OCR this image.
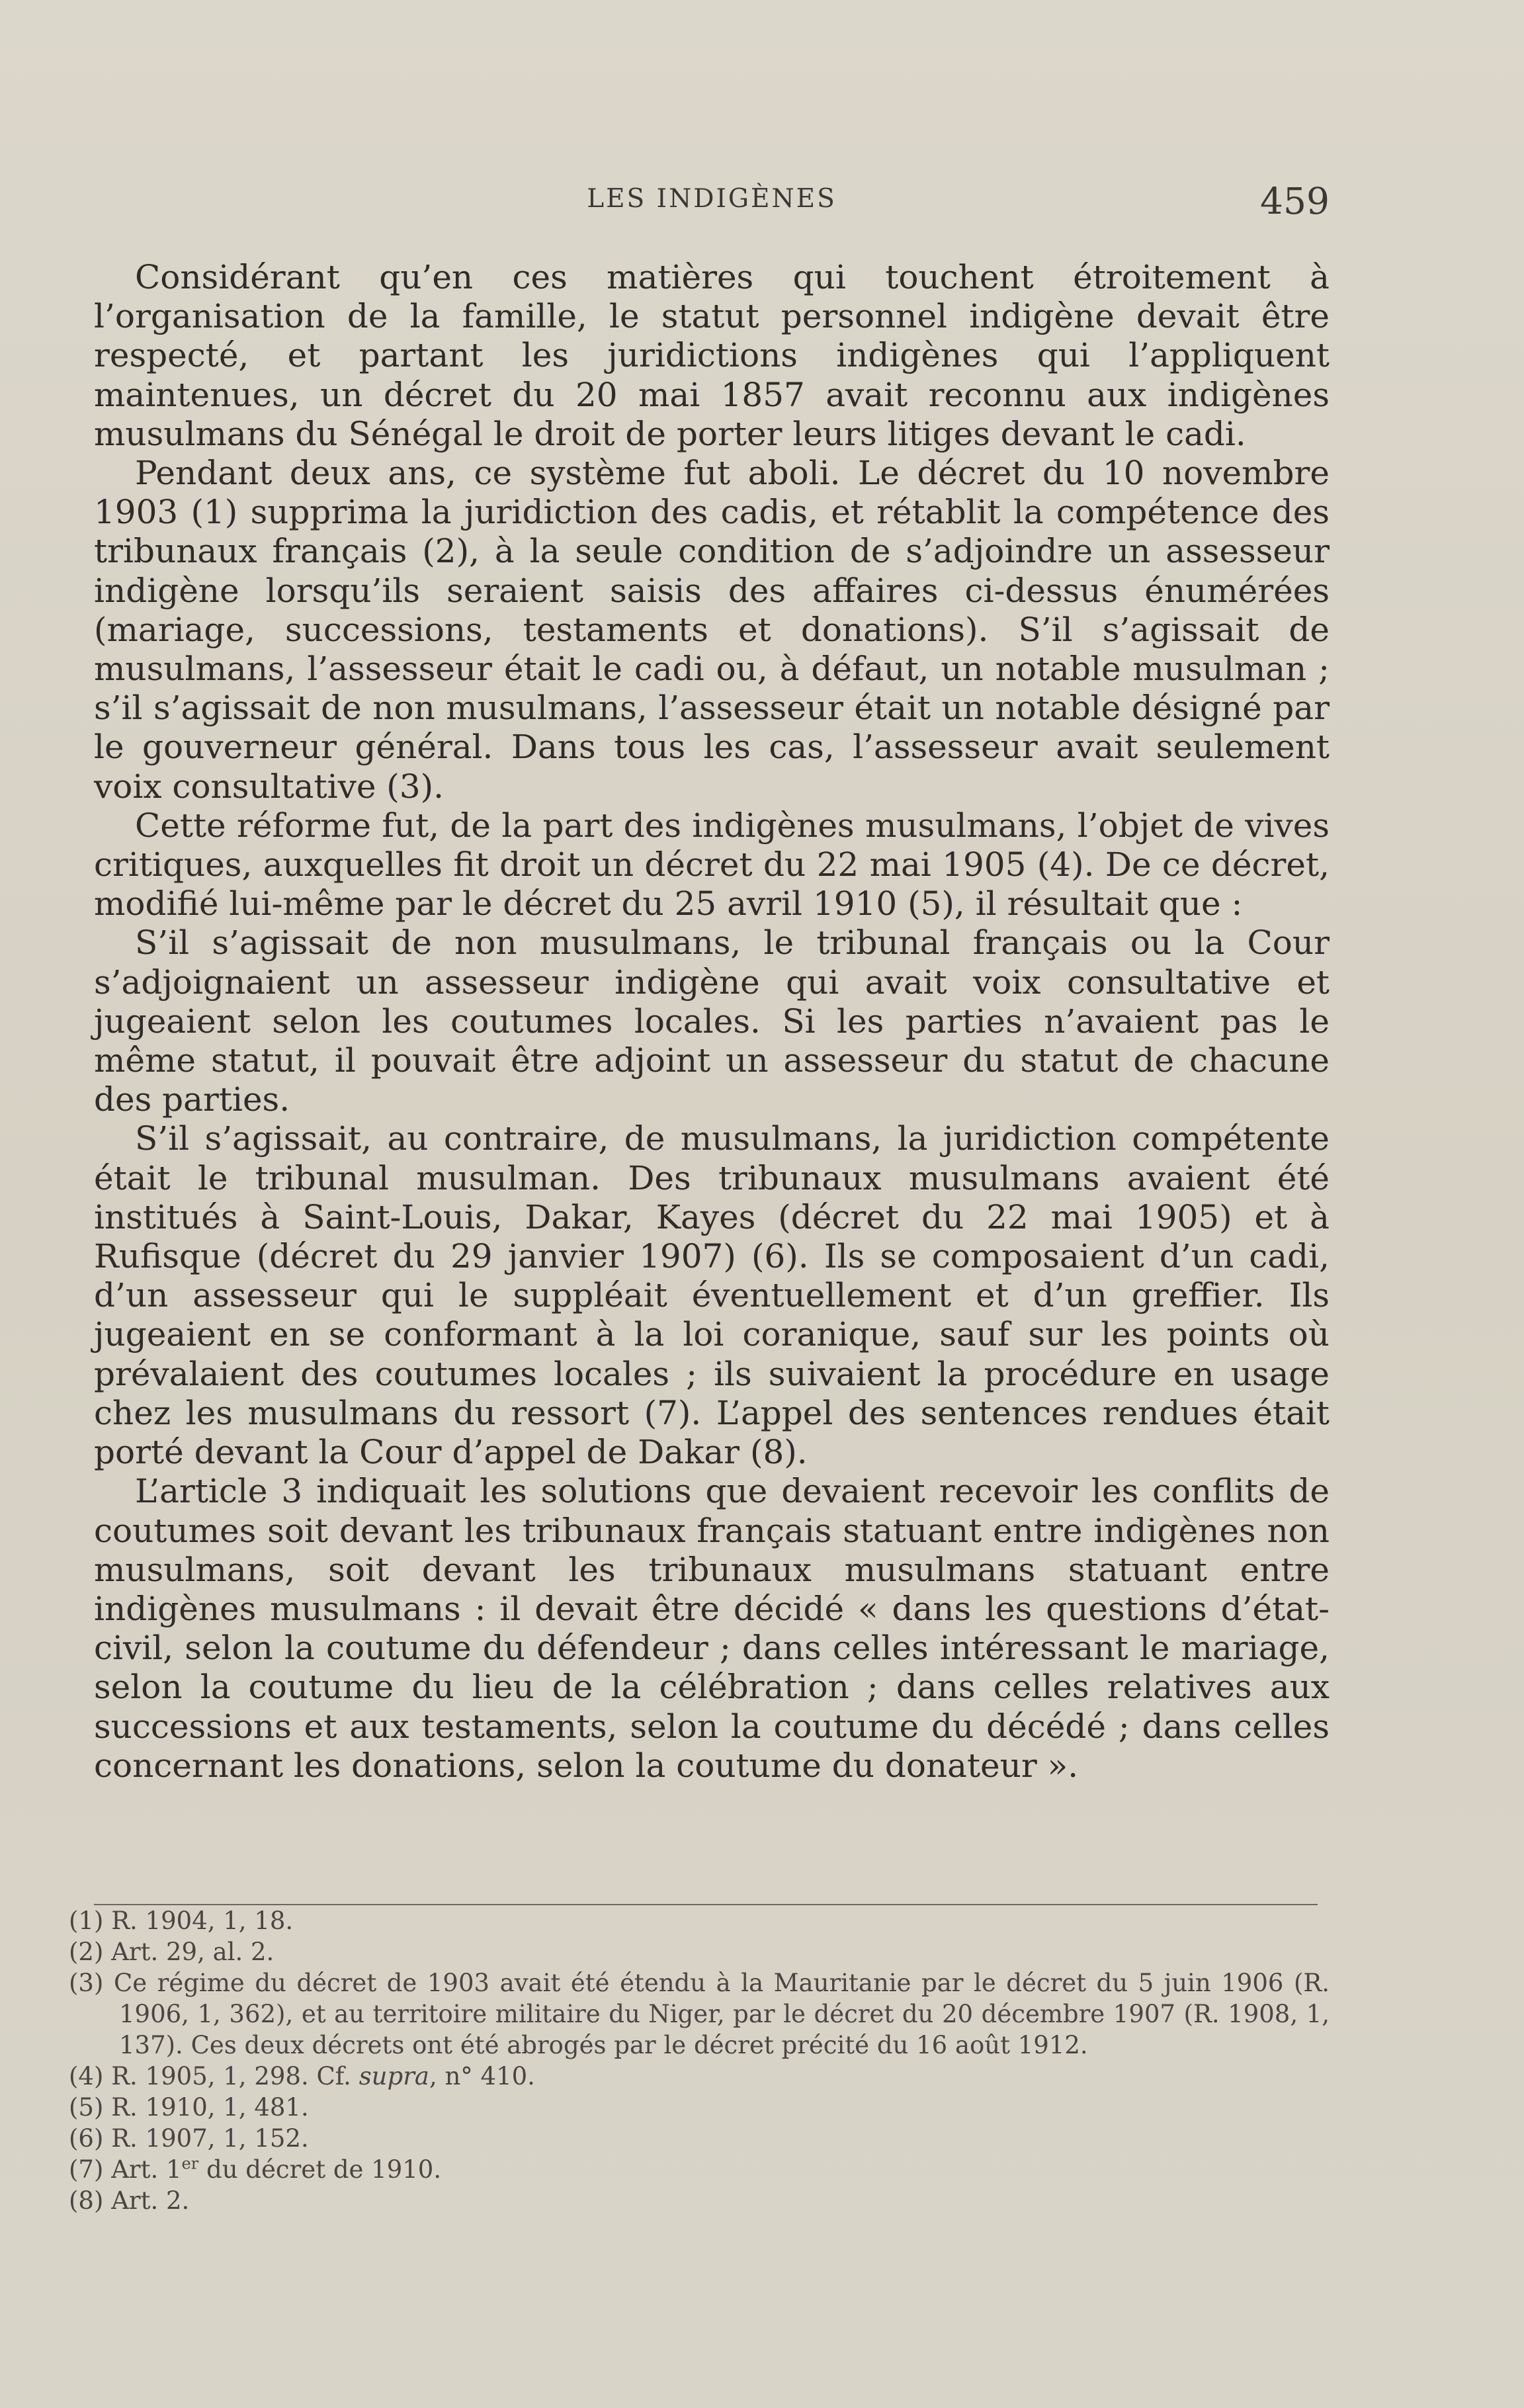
LES INDIGÈNES	459

Considérant qu’en ces matières qui touchent étroitement à l’organisation de la famille, le statut personnel indigène devait être respecté, et partant les juridictions indigènes qui l’appliquent maintenues, un décret du 20 mai 1857 avait reconnu aux indigènes musulmans du Sénégal le droit de porter leurs litiges devant le cadi.

Pendant deux ans, ce système fut aboli. Le décret du 10 novembre 1903 (1) supprima la juridiction des cadis, et rétablit la compétence des tribunaux français (2), à la seule condition de s’adjoindre un assesseur indigène lorsqu’ils seraient saisis des affaires ci-dessus énumérées (mariage, successions, testaments et donations). S’il s’agissait de musulmans, l’assesseur était le cadi ou, à défaut, un notable musulman ; s’il s’agissait de non musulmans, l’assesseur était un notable désigné par le gouverneur général. Dans tous les cas, l’assesseur avait seulement voix consultative (3).

Cette réforme fut, de la part des indigènes musulmans, l’objet de vives critiques, auxquelles fit droit un décret du 22 mai 1905 (4). De ce décret, modifié lui-même par le décret du 25 avril 1910 (5), il résultait que :

S’il s’agissait de non musulmans, le tribunal français ou la Cour s’adjoignaient un assesseur indigène qui avait voix consultative et jugeaient selon les coutumes locales. Si les parties n’avaient pas le même statut, il pouvait être adjoint un assesseur du statut de chacune des parties.

S’il s’agissait, au contraire, de musulmans, la juridiction compétente était le tribunal musulman. Des tribunaux musulmans avaient été institués à Saint-Louis, Dakar, Kayes (décret du 22 mai 1905) et à Rufisque (décret du 29 janvier 1907) (6). Ils se composaient d’un cadi, d’un assesseur qui le suppléait éventuellement et d’un greffier. Ils jugeaient en se conformant à la loi coranique, sauf sur les points où prévalaient des coutumes locales ; ils suivaient la procédure en usage chez les musulmans du ressort (7). L’appel des sentences rendues était porté devant la Cour d’appel de Dakar (8).

L’article 3 indiquait les solutions que devaient recevoir les conflits de coutumes soit devant les tribunaux français statuant entre indigènes non musulmans, soit devant les tribunaux musulmans statuant entre indigènes musulmans : il devait être décidé « dans les questions d’état-civil, selon la coutume du défendeur ; dans celles intéressant le mariage, selon la coutume du lieu de la célébration ; dans celles relatives aux successions et aux testaments, selon la coutume du décédé ; dans celles concernant les donations, selon la coutume du donateur ».

(1) R. 1904, 1, 18.

(2) Art. 29, al. 2.

(3) Ce régime du décret de 1903 avait été étendu à la Mauritanie par le décret du 5 juin 1906 (R. 1906, 1, 362), et au territoire militaire du Niger, par le décret du 20 décembre 1907 (R. 1908, 1, 137). Ces deux décrets ont été abrogés par le décret précité du 16 août 1912.

(4) R. 1905, 1, 298. Cf. supra, n° 410.

(5) R. 1910, 1, 481.

(6) R. 1907, 1, 152.

(7) Art. 1er du décret de 1910.

(8) Art. 2.
